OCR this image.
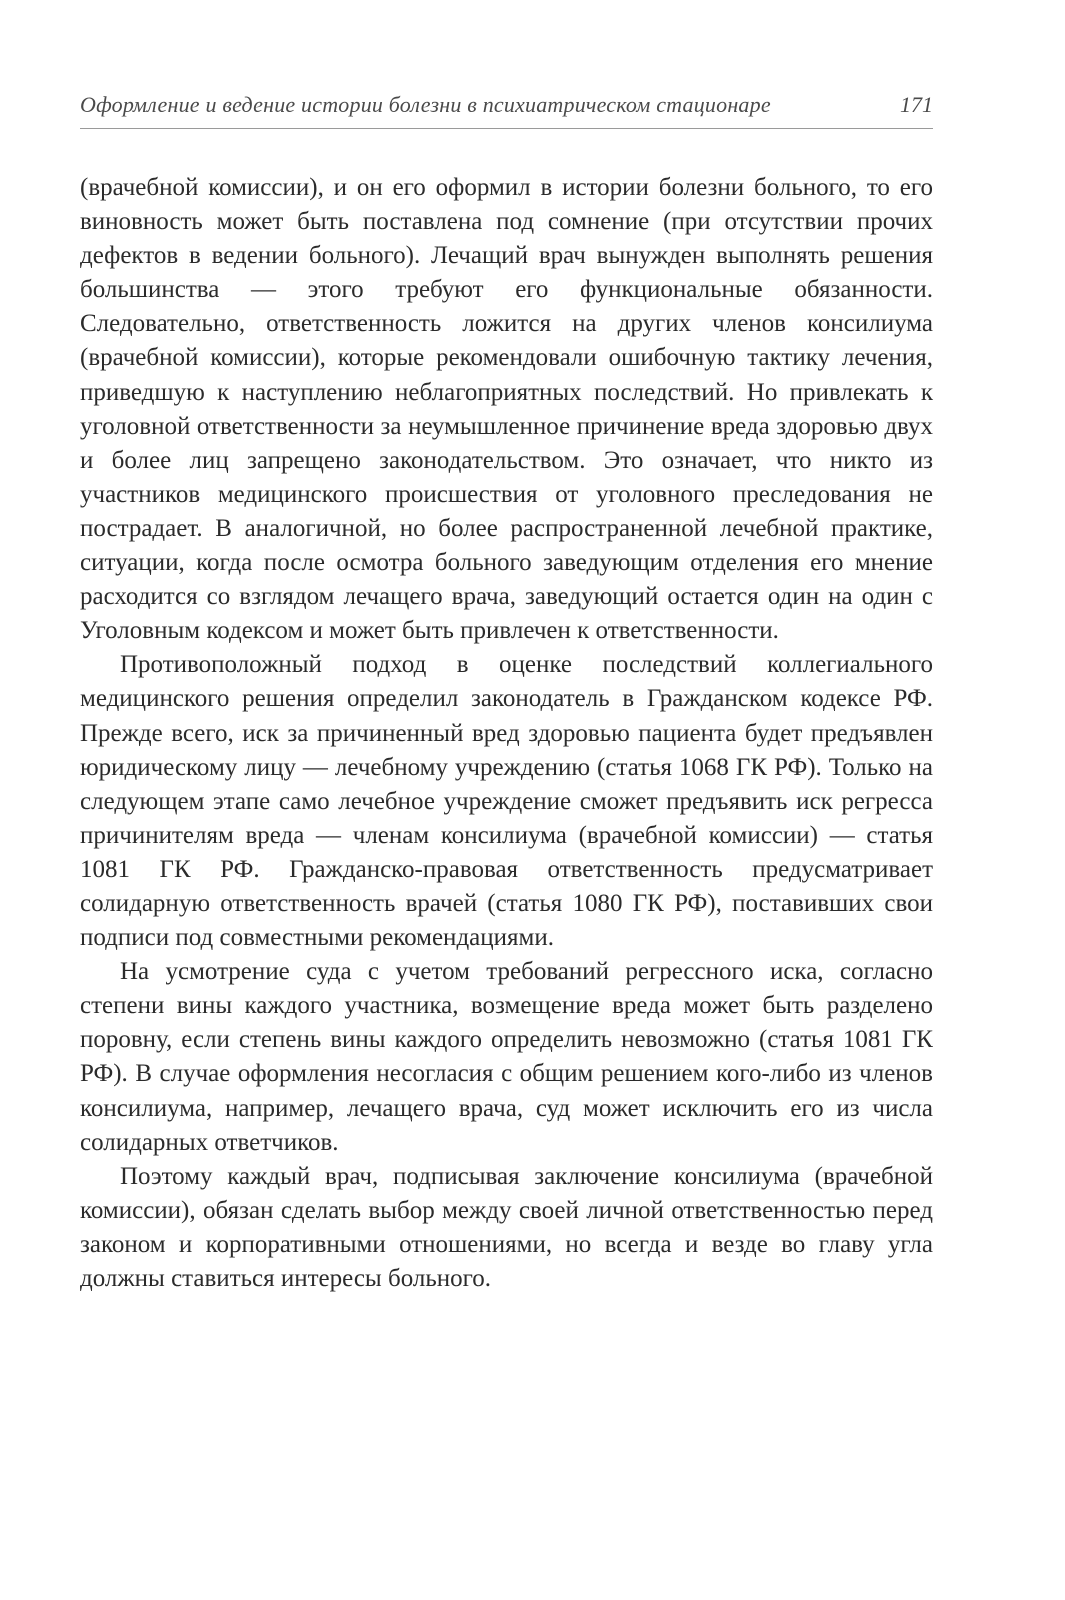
Оформление и ведение истории болезни в психиатрическом стационаре	171

(врачебной комиссии), и он его оформил в истории болезни больного, то его виновность может быть поставлена под сомнение (при отсутствии прочих дефектов в ведении больного). Лечащий врач вынужден выполнять решения большинства — этого требуют его функциональные обязанности. Следовательно, ответственность ложится на других членов консилиума (врачебной комиссии), которые рекомендовали ошибочную тактику лечения, приведшую к наступлению неблагоприятных последствий. Но привлекать к уголовной ответственности за неумышленное причинение вреда здоровью двух и более лиц запрещено законодательством. Это означает, что никто из участников медицинского происшествия от уголовного преследования не пострадает. В аналогичной, но более распространенной лечебной практике, ситуации, когда после осмотра больного заведующим отделения его мнение расходится со взглядом лечащего врача, заведующий остается один на один с Уголовным кодексом и может быть привлечен к ответственности.

Противоположный подход в оценке последствий коллегиального медицинского решения определил законодатель в Гражданском кодексе РФ. Прежде всего, иск за причиненный вред здоровью пациента будет предъявлен юридическому лицу — лечебному учреждению (статья 1068 ГК РФ). Только на следующем этапе само лечебное учреждение сможет предъявить иск регресса причинителям вреда — членам консилиума (врачебной комиссии) — статья 1081 ГК РФ. Гражданско-правовая ответственность предусматривает солидарную ответственность врачей (статья 1080 ГК РФ), поставивших свои подписи под совместными рекомендациями.

На усмотрение суда с учетом требований регрессного иска, согласно степени вины каждого участника, возмещение вреда может быть разделено поровну, если степень вины каждого определить невозможно (статья 1081 ГК РФ). В случае оформления несогласия с общим решением кого-либо из членов консилиума, например, лечащего врача, суд может исключить его из числа солидарных ответчиков.

Поэтому каждый врач, подписывая заключение консилиума (врачебной комиссии), обязан сделать выбор между своей личной ответственностью перед законом и корпоративными отношениями, но всегда и везде во главу угла должны ставиться интересы больного.
